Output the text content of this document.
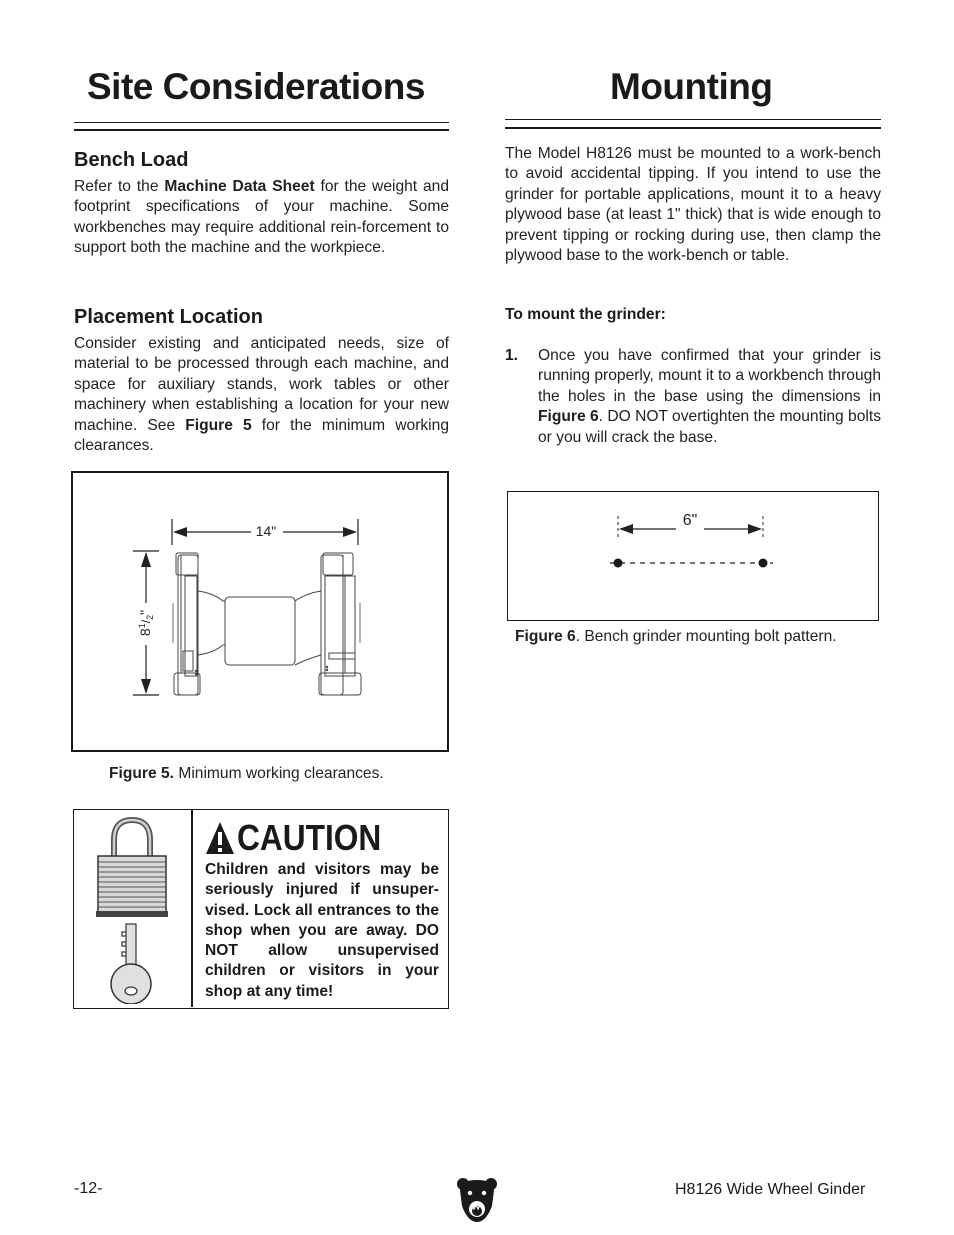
Site Considerations
Bench Load

Refer to the Machine Data Sheet for the weight and footprint specifications of your machine. Some workbenches may require additional rein-forcement to support both the machine and the workpiece.

Placement Location

Consider existing and anticipated needs, size of material to be processed through each machine, and space for auxiliary stands, work tables or other machinery when establishing a location for your new machine. See Figure 5 for the minimum working clearances.

14"
$8^1/_2$"
Figure 5. Minimum working clearances.
CAUTION

Children and visitors may be seriously injured if unsuper-vised. Lock all entrances to the shop when you are away. DO NOT allow unsupervised children or visitors in your shop at any time!

Mounting

The Model H8126 must be mounted to a work-bench to avoid accidental tipping. If you intend to use the grinder for portable applications, mount it to a heavy plywood base (at least 1" thick) that is wide enough to prevent tipping or rocking during use, then clamp the plywood base to the work-bench or table.

To mount the grinder:
1. Once you have confirmed that your grinder is running properly, mount it to a workbench through the holes in the base using the dimensions in Figure 6. DO NOT overtighten the mounting bolts or you will crack the base.

6"
Figure 6. Bench grinder mounting bolt pattern.
-12-	H8126 Wide Wheel Ginder
